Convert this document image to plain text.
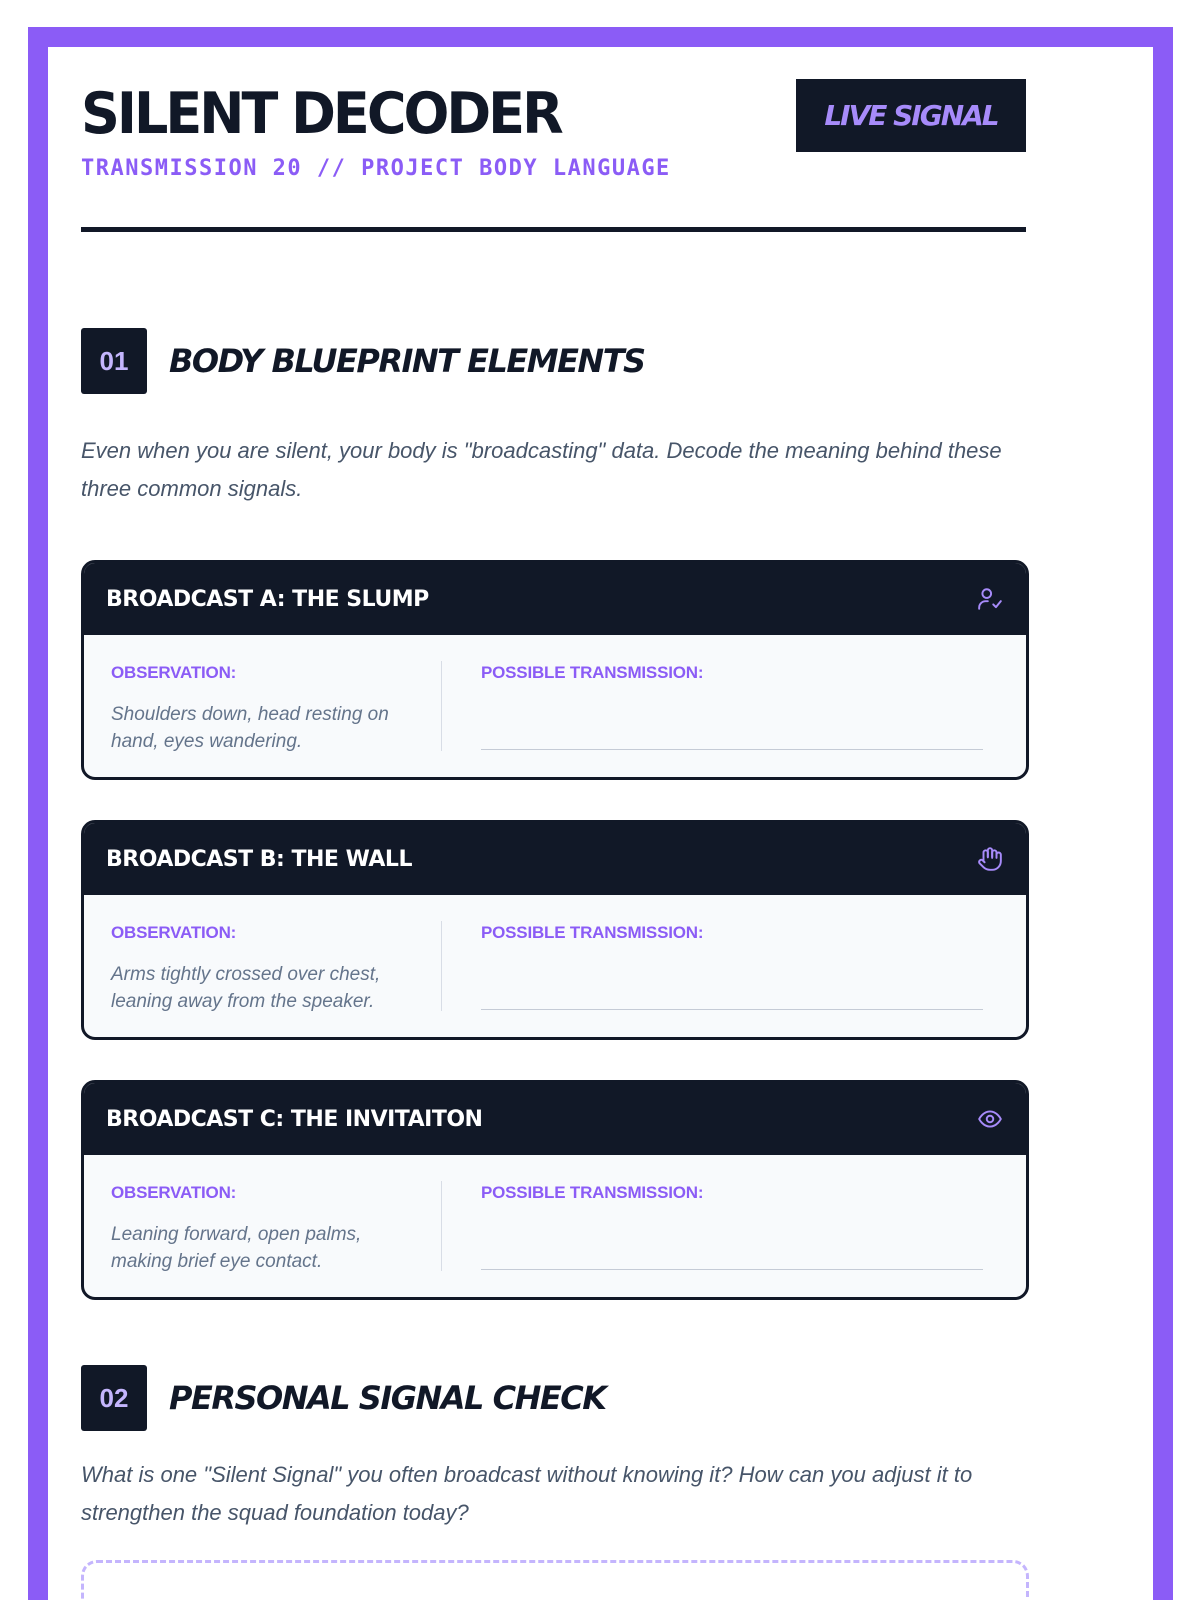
SILENT DECODER
TRANSMISSION 20 // PROJECT BODY LANGUAGE
LIVE SIGNAL
01	BODY BLUEPRINT ELEMENTS
Even when you are silent, your body is "broadcasting" data. Decode the meaning behind these three common signals.
BROADCAST A: THE SLUMP
OBSERVATION:
Shoulders down, head resting on hand, eyes wandering.
POSSIBLE TRANSMISSION:
BROADCAST B: THE WALL
OBSERVATION:
Arms tightly crossed over chest, leaning away from the speaker.
POSSIBLE TRANSMISSION:
BROADCAST C: THE INVITAITON
OBSERVATION:
Leaning forward, open palms, making brief eye contact.
POSSIBLE TRANSMISSION:
02	PERSONAL SIGNAL CHECK
What is one "Silent Signal" you often broadcast without knowing it? How can you adjust it to strengthen the squad foundation today?
